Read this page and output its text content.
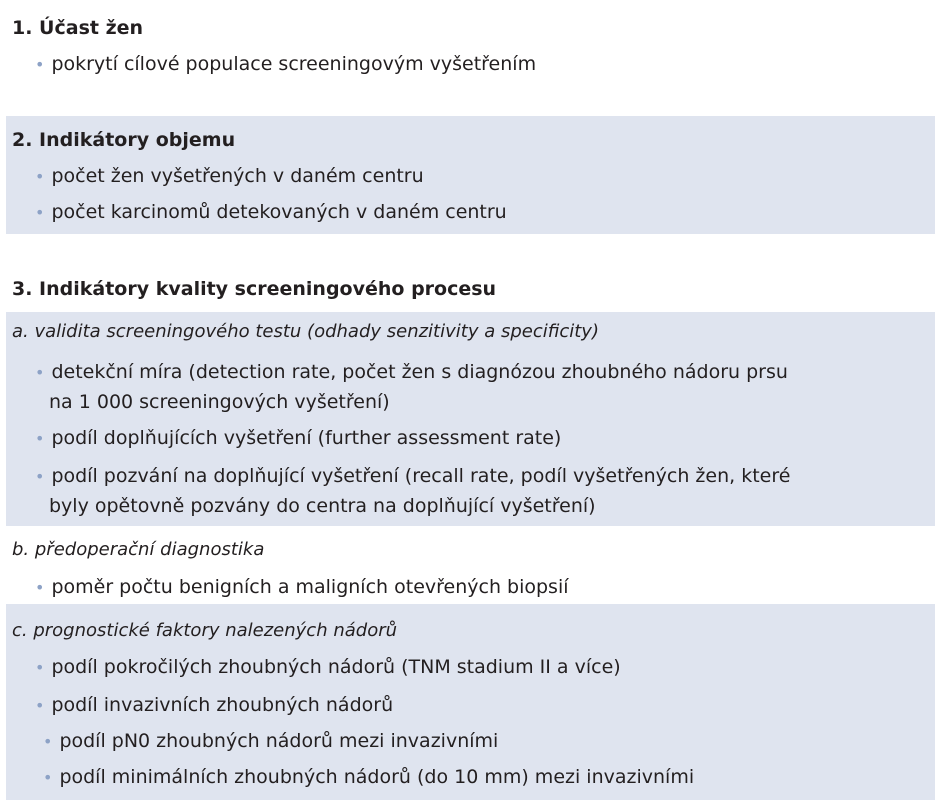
1. Účast žen
• pokrytí cílové populace screeningovým vyšetřením
2. Indikátory objemu
• počet žen vyšetřených v daném centru
• počet karcinomů detekovaných v daném centru
3. Indikátory kvality screeningového procesu
a. validita screeningového testu (odhady senzitivity a specificity)
• detekční míra (detection rate, počet žen s diagnózou zhoubného nádoru prsu
na 1 000 screeningových vyšetření)
• podíl doplňujících vyšetření (further assessment rate)
• podíl pozvání na doplňující vyšetření (recall rate, podíl vyšetřených žen, které
byly opětovně pozvány do centra na doplňující vyšetření)
b. předoperační diagnostika
• poměr počtu benigních a maligních otevřených biopsií
c. prognostické faktory nalezených nádorů
• podíl pokročilých zhoubných nádorů (TNM stadium II a více)
• podíl invazivních zhoubných nádorů
• podíl pN0 zhoubných nádorů mezi invazivními
• podíl minimálních zhoubných nádorů (do 10 mm) mezi invazivními
